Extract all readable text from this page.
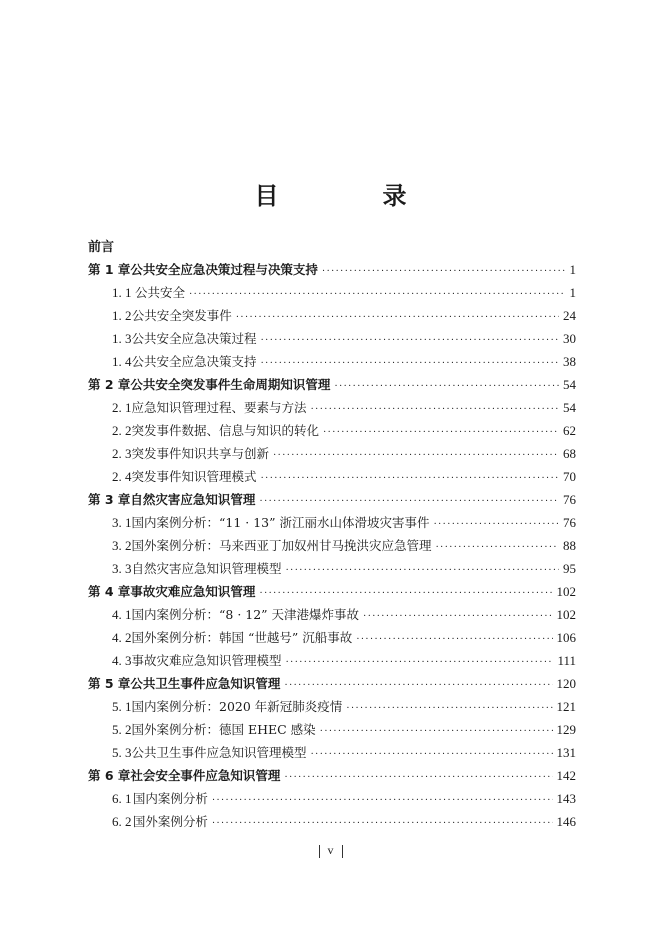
目　录
前言
第 1 章 公共安全应急决策过程与决策支持 ·····	1
1. 1 公共安全 ·····	1
1. 2 公共安全突发事件 ·····	24
1. 3 公共安全应急决策过程 ·····	30
1. 4 公共安全应急决策支持 ·····	38
第 2 章 公共安全突发事件生命周期知识管理 ·····	54
2. 1 应急知识管理过程、要素与方法 ·····	54
2. 2 突发事件数据、信息与知识的转化 ·····	62
2. 3 突发事件知识共享与创新 ·····	68
2. 4 突发事件知识管理模式 ·····	70
第 3 章 自然灾害应急知识管理 ·····	76
3. 1 国内案例分析：“11 · 13” 浙江丽水山体滑坡灾害事件 ·····	76
3. 2 国外案例分析：马来西亚丁加奴州甘马挽洪灾应急管理 ·····	88
3. 3 自然灾害应急知识管理模型 ·····	95
第 4 章 事故灾难应急知识管理 ·····	102
4. 1 国内案例分析：“8 · 12” 天津港爆炸事故 ·····	102
4. 2 国外案例分析：韩国 “世越号” 沉船事故 ·····	106
4. 3 事故灾难应急知识管理模型 ·····	111
第 5 章 公共卫生事件应急知识管理 ·····	120
5. 1 国内案例分析：2020 年新冠肺炎疫情 ·····	121
5. 2 国外案例分析：德国 EHEC 感染 ·····	129
5. 3 公共卫生事件应急知识管理模型 ·····	131
第 6 章 社会安全事件应急知识管理 ·····	142
6. 1 国内案例分析 ·····	143
6. 2 国外案例分析 ·····	146
v
